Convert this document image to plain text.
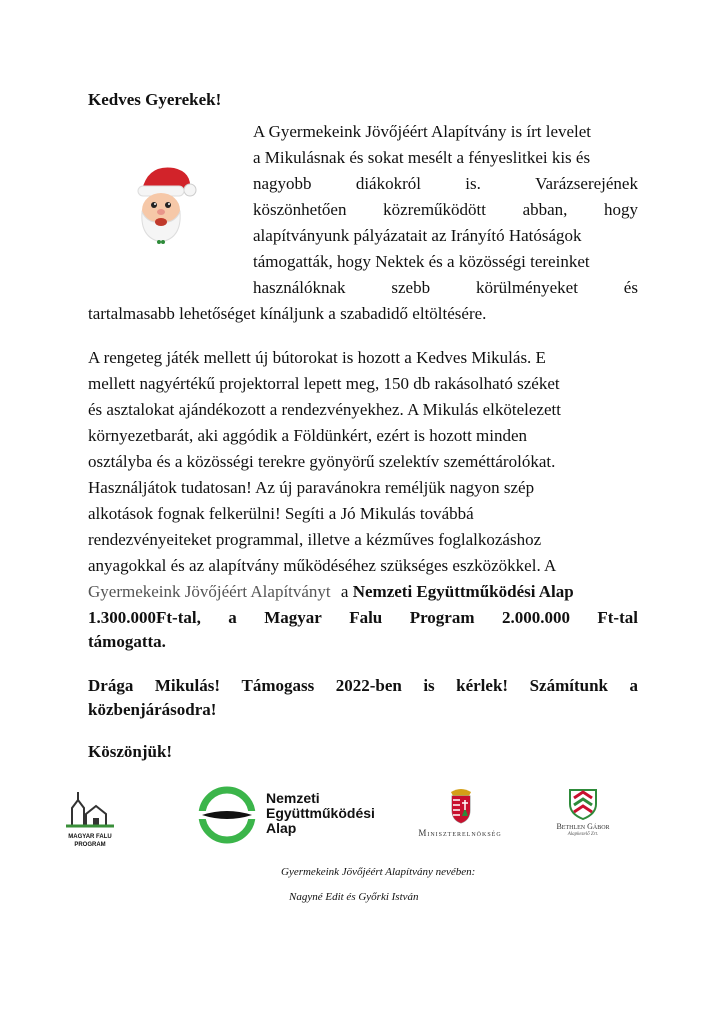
Kedves Gyerekek!
A Gyermekeink Jövőjéért Alapítvány is írt levelet
a Mikulásnak és sokat mesélt a fényeslitkei kis és
nagyobb	diákokról	is.	Varázserejének
köszönhetően közreműködött abban, hogy
alapítványunk pályázatait az Irányító Hatóságok
támogatták, hogy Nektek és a közösségi tereinket
használóknak	szebb	körülményeket	és
tartalmasabb lehetőséget kínáljunk a szabadidő eltöltésére.
A rengeteg játék mellett új bútorokat is hozott a Kedves Mikulás. E
mellett nagyértékű projektorral lepett meg, 150 db rakásolható széket
és asztalokat ajándékozott a rendezvényekhez. A Mikulás elkötelezett
környezetbarát, aki aggódik a Földünkért, ezért is hozott minden
osztályba és a közösségi terekre gyönyörű szelektív szeméttárolókat.
Használjátok tudatosan! Az új paravánokra reméljük nagyon szép
alkotások fognak felkerülni! Segíti a Jó Mikulás továbbá
rendezvényeiteket programmal, illetve a kézműves foglalkozáshoz
anyagokkal és az alapítvány működéséhez szükséges eszközökkel. A
Gyermekeink Jövőjéért Alapítványt a Nemzeti Együttműködési Alap
1.300.000Ft-tal, a Magyar Falu Program 2.000.000 Ft-tal
támogatta.
Drága Mikulás! Támogass 2022-ben is kérlek! Számítunk a
közbenjárásodra!
Köszönjük!
MAGYAR FALU
PROGRAM
Nemzeti
Együttműködési
Alap	Miniszterelnökség
Bethlen Gábor
Alapkezelő Zrt.
Gyermekeink Jövőjéért Alapítvány nevében:
Nagyné Edit és Győrki István
